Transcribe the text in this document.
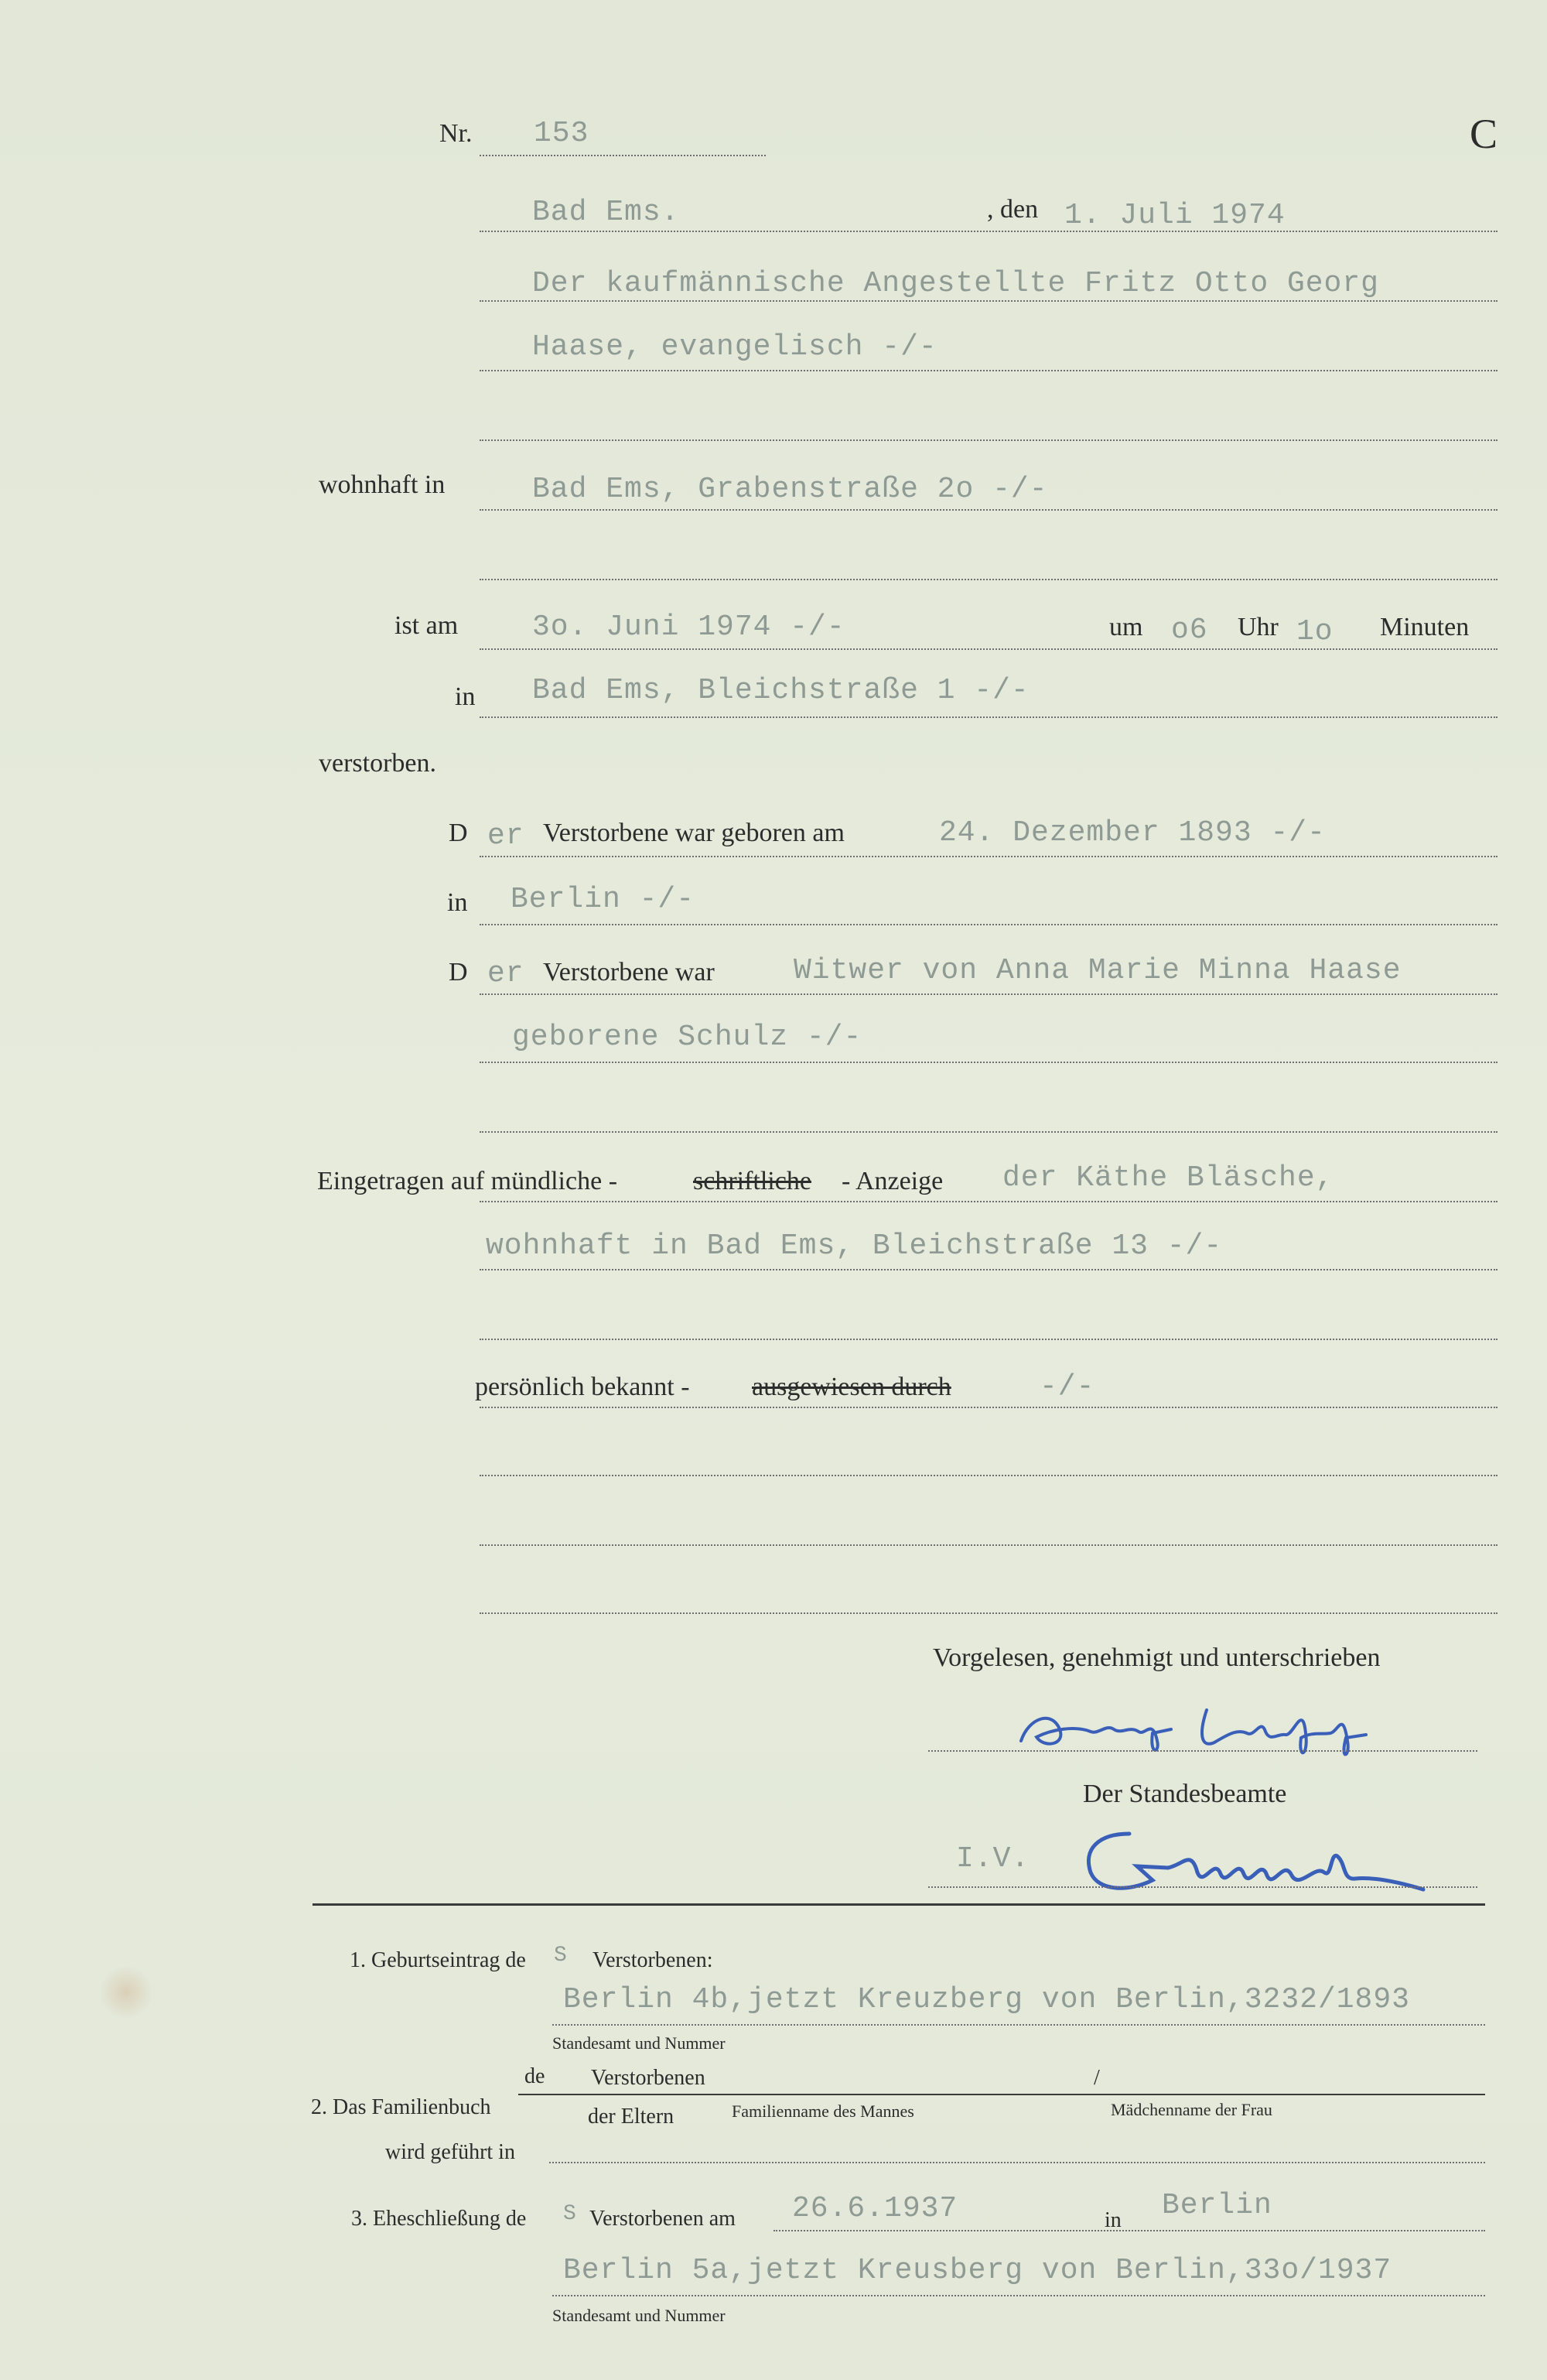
Nr. 153	C
Bad Ems.	, den 1. Juli 1974
Der kaufmännische Angestellte Fritz Otto Georg
Haase, evangelisch -/-
wohnhaft in	Bad Ems, Grabenstraße 2o -/-
ist am	3o. Juni 1974 -/-	um o6 Uhr 1o Minuten
in Bad Ems, Bleichstraße 1 -/-
verstorben.
D er Verstorbene war geboren am	24. Dezember 1893 -/-
in Berlin -/-
D er Verstorbene war	Witwer von Anna Marie Minna Haase
geborene Schulz -/-
Eingetragen auf mündliche -	schriftliche - Anzeige der Käthe Bläsche,
wohnhaft in Bad Ems, Bleichstraße 13 -/-
persönlich bekannt - ausgewiesen durch	-/-
Vorgelesen, genehmigt und unterschrieben
Der Standesbeamte
I.V.
1. Geburtseintrag de S Verstorbenen:
Berlin 4b,jetzt Kreuzberg von Berlin,3232/1893
Standesamt und Nummer
de Verstorbenen	/
2. Das Familienbuch	der Eltern	Familienname des Mannes	Mädchenname der Frau
wird geführt in
3. Eheschließung de S Verstorbenen am 26.6.1937	in Berlin
Berlin 5a,jetzt Kreusberg von Berlin,33o/1937
Standesamt und Nummer
